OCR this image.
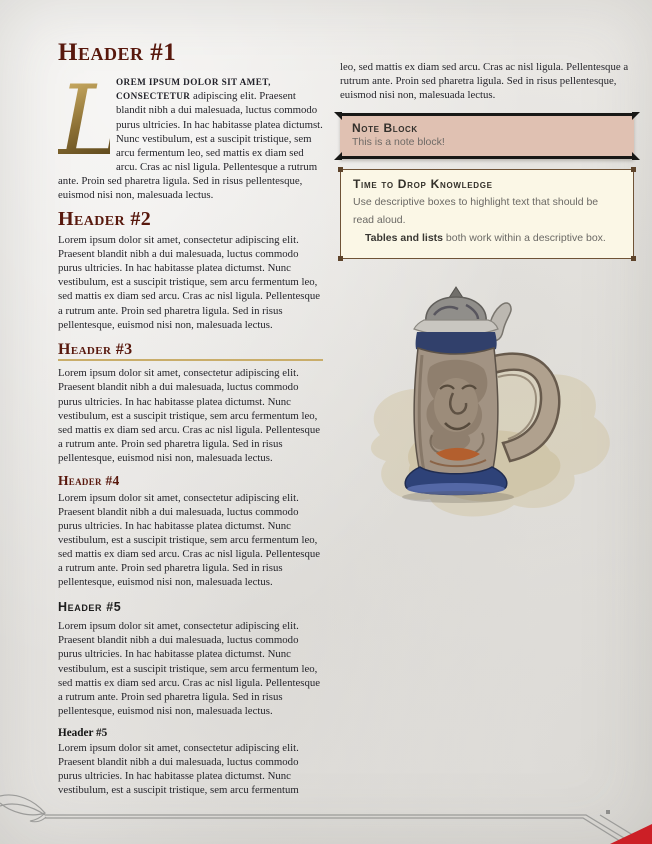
Header #1

L
OREM IPSUM DOLOR SIT AMET, CONSECTETUR adipiscing elit. Praesent blandit nibh a dui malesuada, luctus commodo purus ultricies. In hac habitasse platea dictumst. Nunc vestibulum, est a suscipit tristique, sem arcu fermentum leo, sed mattis ex diam sed arcu. Cras ac nisl ligula. Pellentesque a rutrum ante. Proin sed pharetra ligula. Sed in risus pellentesque, euismod nisi non, malesuada lectus.

Header #2

Lorem ipsum dolor sit amet, consectetur adipiscing elit. Praesent blandit nibh a dui malesuada, luctus commodo purus ultricies. In hac habitasse platea dictumst. Nunc vestibulum, est a suscipit tristique, sem arcu fermentum leo, sed mattis ex diam sed arcu. Cras ac nisl ligula. Pellentesque a rutrum ante. Proin sed pharetra ligula. Sed in risus pellentesque, euismod nisi non, malesuada lectus.

Header #3

Lorem ipsum dolor sit amet, consectetur adipiscing elit. Praesent blandit nibh a dui malesuada, luctus commodo purus ultricies. In hac habitasse platea dictumst. Nunc vestibulum, est a suscipit tristique, sem arcu fermentum leo, sed mattis ex diam sed arcu. Cras ac nisl ligula. Pellentesque a rutrum ante. Proin sed pharetra ligula. Sed in risus pellentesque, euismod nisi non, malesuada lectus.

Header #4

Lorem ipsum dolor sit amet, consectetur adipiscing elit. Praesent blandit nibh a dui malesuada, luctus commodo purus ultricies. In hac habitasse platea dictumst. Nunc vestibulum, est a suscipit tristique, sem arcu fermentum leo, sed mattis ex diam sed arcu. Cras ac nisl ligula. Pellentesque a rutrum ante. Proin sed pharetra ligula. Sed in risus pellentesque, euismod nisi non, malesuada lectus.

Header #5

Lorem ipsum dolor sit amet, consectetur adipiscing elit. Praesent blandit nibh a dui malesuada, luctus commodo purus ultricies. In hac habitasse platea dictumst. Nunc vestibulum, est a suscipit tristique, sem arcu fermentum leo, sed mattis ex diam sed arcu. Cras ac nisl ligula. Pellentesque a rutrum ante. Proin sed pharetra ligula. Sed in risus pellentesque, euismod nisi non, malesuada lectus.

Header #5

Lorem ipsum dolor sit amet, consectetur adipiscing elit. Praesent blandit nibh a dui malesuada, luctus commodo purus ultricies. In hac habitasse platea dictumst. Nunc vestibulum, est a suscipit tristique, sem arcu fermentum

leo, sed mattis ex diam sed arcu. Cras ac nisl ligula. Pellentesque a rutrum ante. Proin sed pharetra ligula. Sed in risus pellentesque, euismod nisi non, malesuada lectus.

Note Block

This is a note block!

Time to Drop Knowledge

Use descriptive boxes to highlight text that should be read aloud.

Tables and lists both work within a descriptive box.
